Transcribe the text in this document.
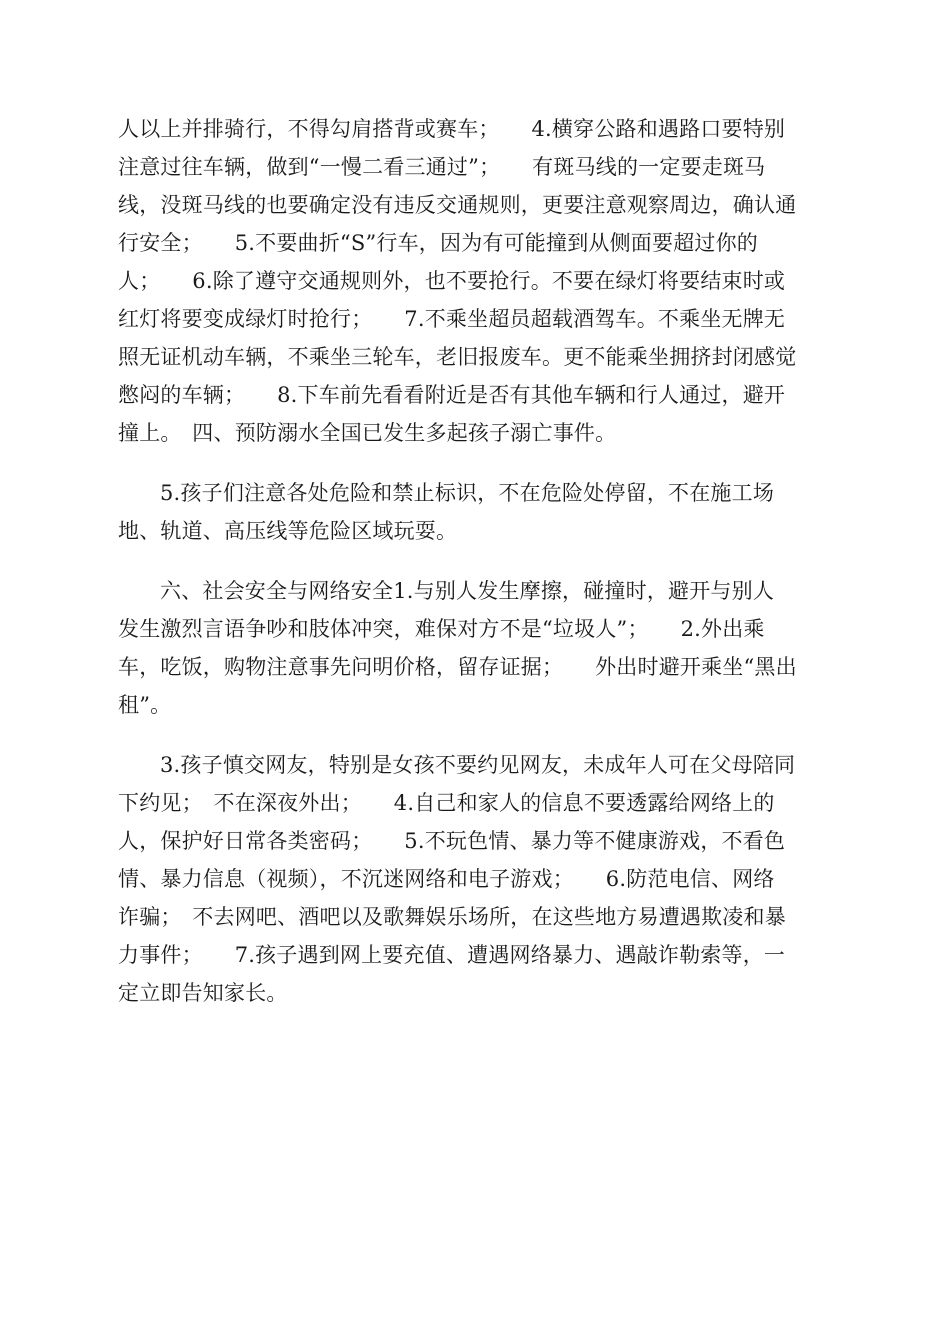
人以上并排骑行，不得勾肩搭背或赛车；　　4.横穿公路和遇路口要特别
注意过往车辆，做到“一慢二看三通过”；　　有斑马线的一定要走斑马
线，没斑马线的也要确定没有违反交通规则，更要注意观察周边，确认通
行安全；　　5.不要曲折“S”行车，因为有可能撞到从侧面要超过你的
人；　　6.除了遵守交通规则外，也不要抢行。不要在绿灯将要结束时或
红灯将要变成绿灯时抢行；　　7.不乘坐超员超载酒驾车。不乘坐无牌无
照无证机动车辆，不乘坐三轮车，老旧报废车。更不能乘坐拥挤封闭感觉
憋闷的车辆；　　8.下车前先看看附近是否有其他车辆和行人通过，避开
撞上。　四、预防溺水全国已发生多起孩子溺亡事件。

5.孩子们注意各处危险和禁止标识，不在危险处停留，不在施工场
地、轨道、高压线等危险区域玩耍。

六、社会安全与网络安全1.与别人发生摩擦，碰撞时，避开与别人
发生激烈言语争吵和肢体冲突，难保对方不是“垃圾人”；　　2.外出乘
车，吃饭，购物注意事先问明价格，留存证据；　　外出时避开乘坐“黑出
租”。

3.孩子慎交网友，特别是女孩不要约见网友，未成年人可在父母陪同
下约见；　不在深夜外出；　　4.自己和家人的信息不要透露给网络上的
人，保护好日常各类密码；　　5.不玩色情、暴力等不健康游戏，不看色
情、暴力信息（视频），不沉迷网络和电子游戏；　　6.防范电信、网络
诈骗；　不去网吧、酒吧以及歌舞娱乐场所，在这些地方易遭遇欺凌和暴
力事件；　　7.孩子遇到网上要充值、遭遇网络暴力、遇敲诈勒索等，一
定立即告知家长。
